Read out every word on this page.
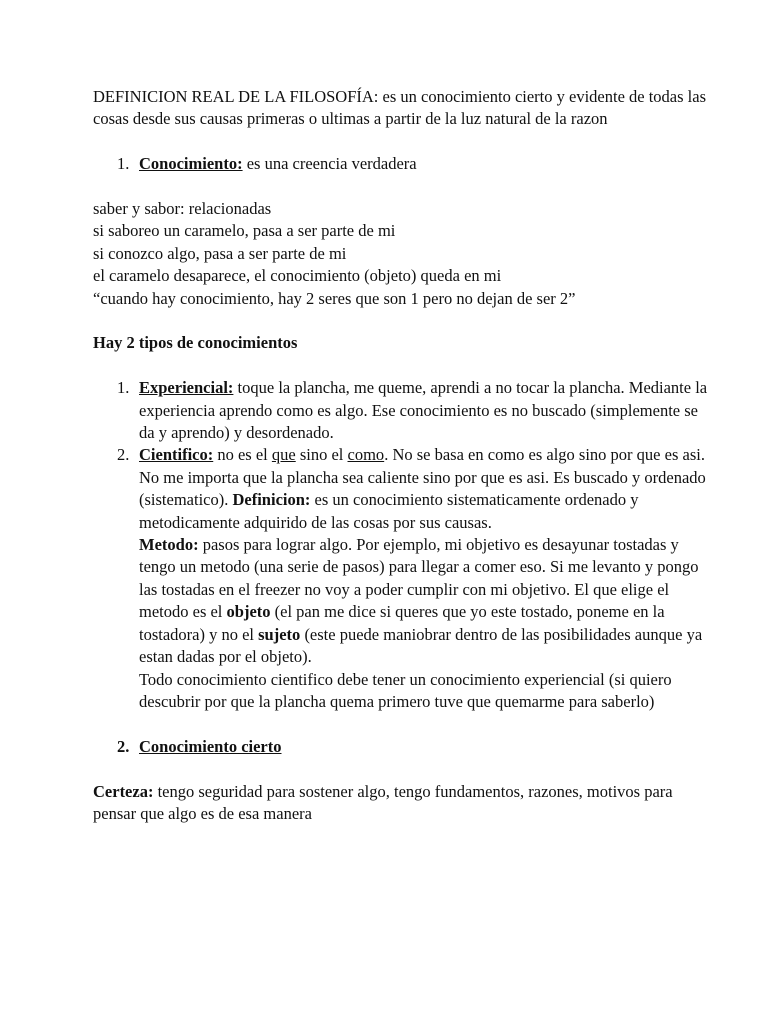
DEFINICION REAL DE LA FILOSOFÍA: es un conocimiento cierto y evidente de todas las cosas desde sus causas primeras o ultimas a partir de la luz natural de la razon

1. Conocimiento: es una creencia verdadera

saber y sabor: relacionadas

si saboreo un caramelo, pasa a ser parte de mi

si conozco algo, pasa a ser parte de mi

el caramelo desaparece, el conocimiento (objeto) queda en mi

“cuando hay conocimiento, hay 2 seres que son 1 pero no dejan de ser 2”

Hay 2 tipos de conocimientos

1. Experiencial: toque la plancha, me queme, aprendi a no tocar la plancha. Mediante la experiencia aprendo como es algo. Ese conocimiento es no buscado (simplemente se da y aprendo) y desordenado.

2. Cientifico: no es el que sino el como. No se basa en como es algo sino por que es asi. No me importa que la plancha sea caliente sino por que es asi. Es buscado y ordenado (sistematico). Definicion: es un conocimiento sistematicamente ordenado y metodicamente adquirido de las cosas por sus causas.

Metodo: pasos para lograr algo. Por ejemplo, mi objetivo es desayunar tostadas y tengo un metodo (una serie de pasos) para llegar a comer eso. Si me levanto y pongo las tostadas en el freezer no voy a poder cumplir con mi objetivo. El que elige el metodo es el objeto (el pan me dice si queres que yo este tostado, poneme en la tostadora) y no el sujeto (este puede maniobrar dentro de las posibilidades aunque ya estan dadas por el objeto).

Todo conocimiento cientifico debe tener un conocimiento experiencial (si quiero descubrir por que la plancha quema primero tuve que quemarme para saberlo)

2. Conocimiento cierto

Certeza: tengo seguridad para sostener algo, tengo fundamentos, razones, motivos para pensar que algo es de esa manera
